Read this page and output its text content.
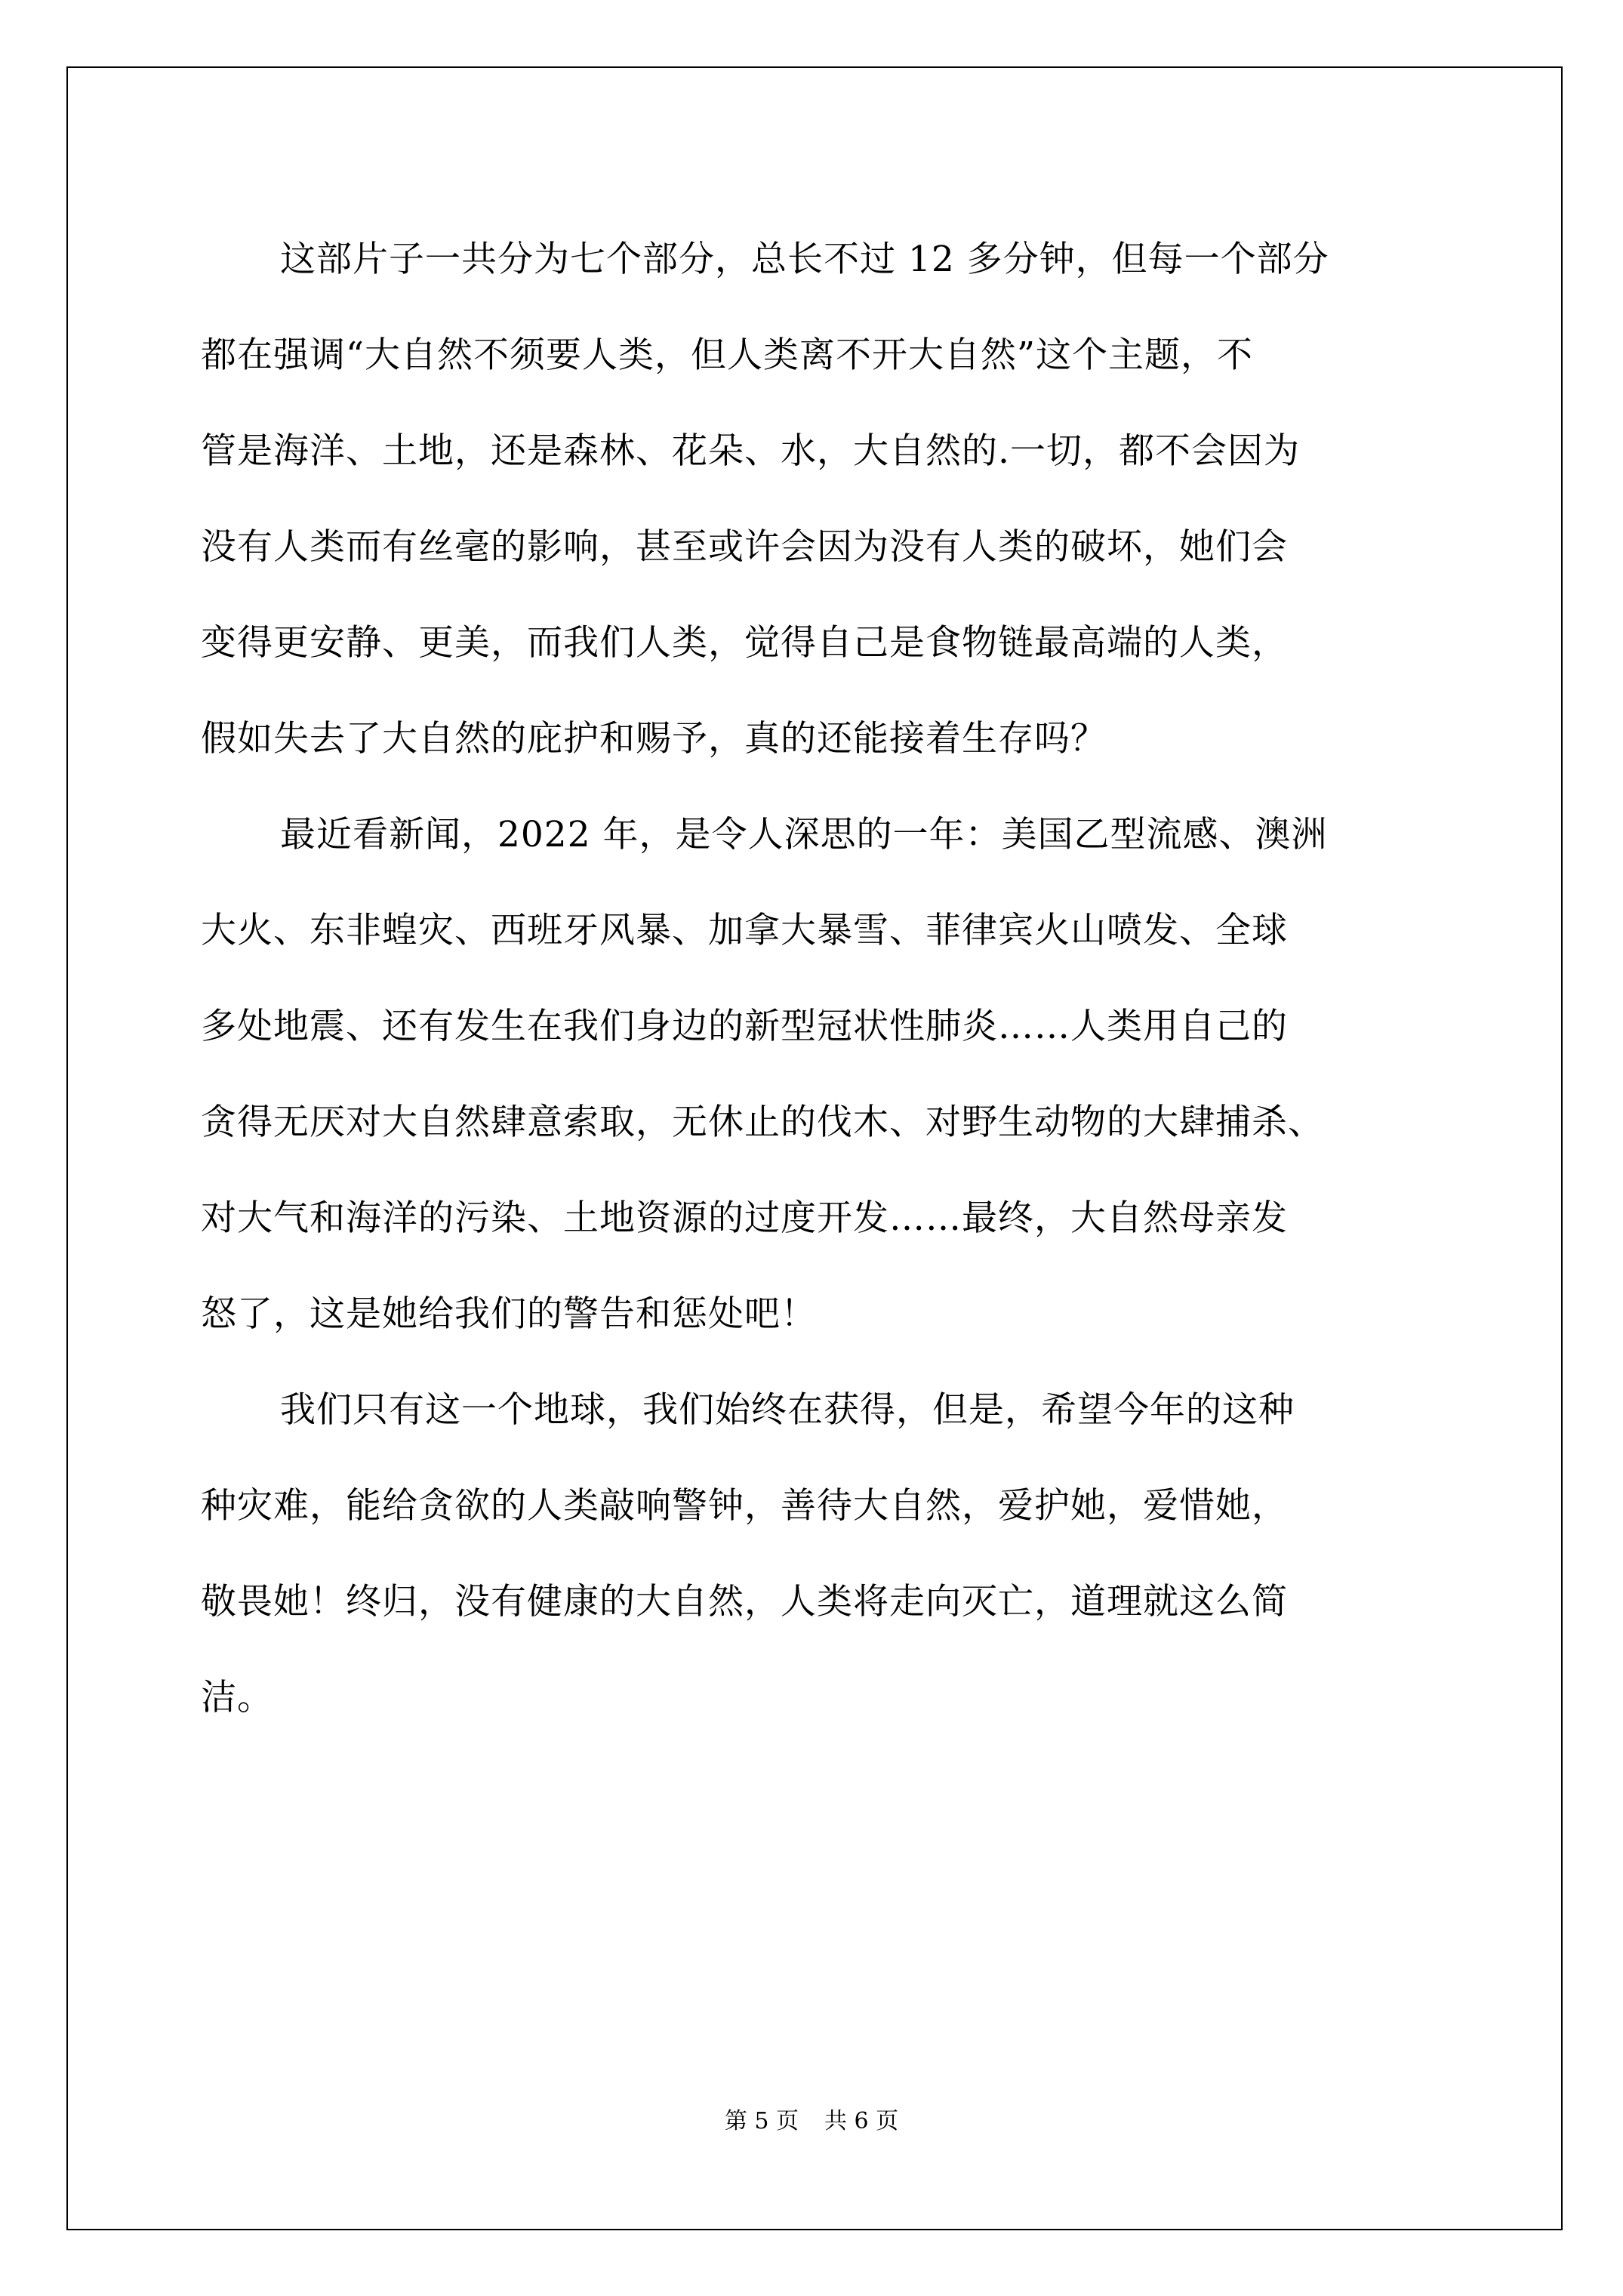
这部片子一共分为七个部分，总长不过 12 多分钟，但每一个部分

都在强调“大自然不须要人类，但人类离不开大自然”这个主题，不

管是海洋、土地，还是森林、花朵、水，大自然的.一切，都不会因为

没有人类而有丝毫的影响，甚至或许会因为没有人类的破坏，她们会

变得更安静、更美，而我们人类，觉得自己是食物链最高端的人类，

假如失去了大自然的庇护和赐予，真的还能接着生存吗？

最近看新闻，2022 年，是令人深思的一年：美国乙型流感、澳洲

大火、东非蝗灾、西班牙风暴、加拿大暴雪、菲律宾火山喷发、全球

多处地震、还有发生在我们身边的新型冠状性肺炎……人类用自己的

贪得无厌对大自然肆意索取，无休止的伐木、对野生动物的大肆捕杀、

对大气和海洋的污染、土地资源的过度开发……最终，大自然母亲发

怒了，这是她给我们的警告和惩处吧！

我们只有这一个地球，我们始终在获得，但是，希望今年的这种

种灾难，能给贪欲的人类敲响警钟，善待大自然，爱护她，爱惜她，

敬畏她！终归，没有健康的大自然，人类将走向灭亡，道理就这么简

洁。

第 5 页 共 6 页
